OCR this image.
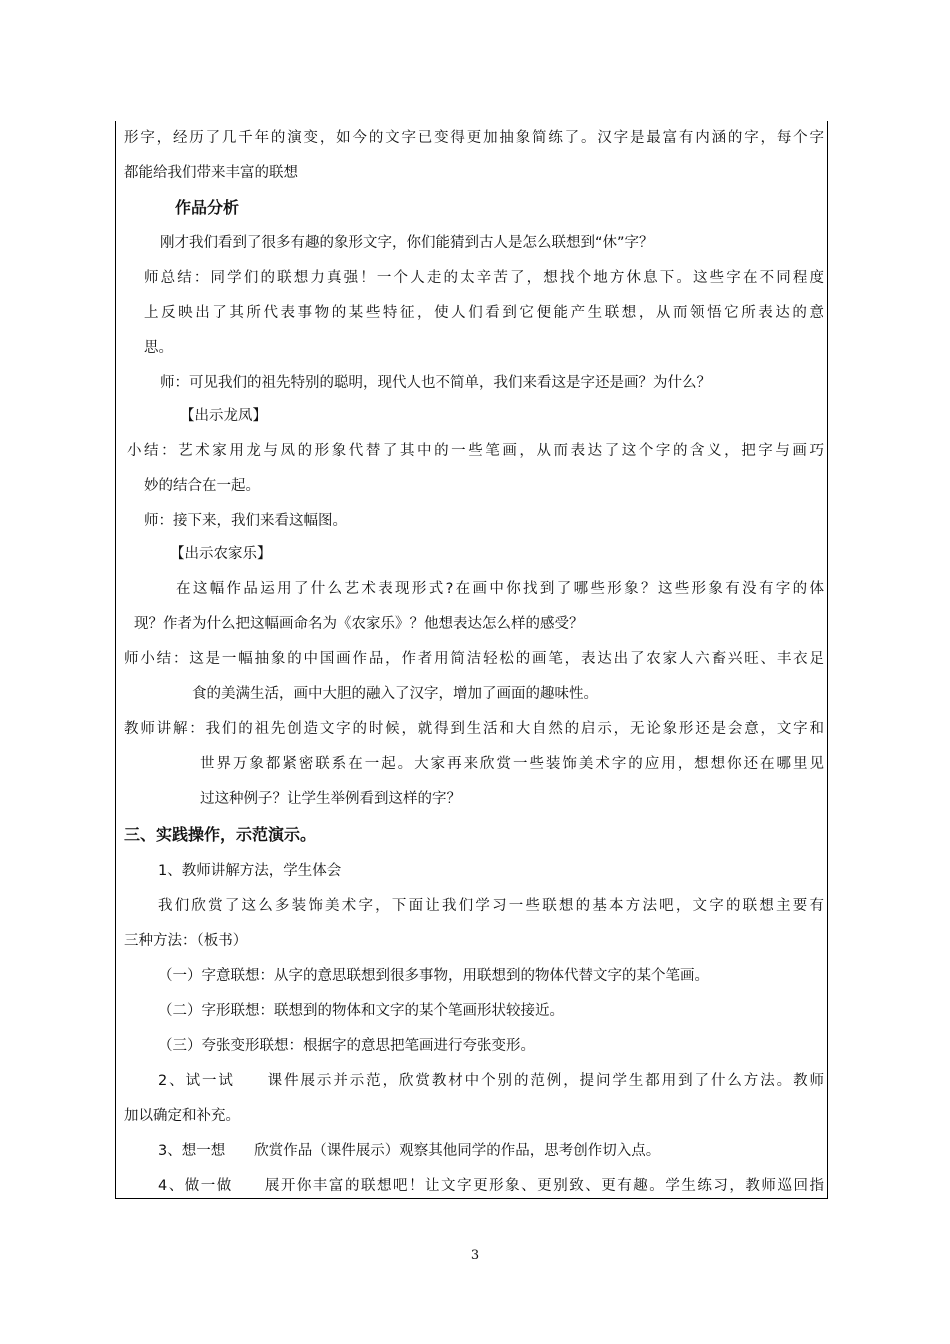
形字，经历了几千年的演变，如今的文字已变得更加抽象简练了。汉字是最富有内涵的字，每个字
都能给我们带来丰富的联想
作品分析
刚才我们看到了很多有趣的象形文字，你们能猜到古人是怎么联想到“休”字？
师总结：同学们的联想力真强！一个人走的太辛苦了，想找个地方休息下。这些字在不同程度
上反映出了其所代表事物的某些特征，使人们看到它便能产生联想，从而领悟它所表达的意
思。
师：可见我们的祖先特别的聪明，现代人也不简单，我们来看这是字还是画？为什么？
【出示龙凤】
小结：艺术家用龙与凤的形象代替了其中的一些笔画，从而表达了这个字的含义，把字与画巧
妙的结合在一起。
师：接下来，我们来看这幅图。
【出示农家乐】
在这幅作品运用了什么艺术表现形式?在画中你找到了哪些形象？这些形象有没有字的体
现？作者为什么把这幅画命名为《农家乐》？他想表达怎么样的感受？
师小结：这是一幅抽象的中国画作品，作者用简洁轻松的画笔，表达出了农家人六畜兴旺、丰衣足
食的美满生活，画中大胆的融入了汉字，增加了画面的趣味性。
教师讲解：我们的祖先创造文字的时候，就得到生活和大自然的启示，无论象形还是会意，文字和
世界万象都紧密联系在一起。大家再来欣赏一些装饰美术字的应用，想想你还在哪里见
过这种例子？让学生举例看到这样的字？
三、实践操作，示范演示。
1、教师讲解方法，学生体会
我们欣赏了这么多装饰美术字，下面让我们学习一些联想的基本方法吧，文字的联想主要有
三种方法：（板书）
（一）字意联想：从字的意思联想到很多事物，用联想到的物体代替文字的某个笔画。
（二）字形联想：联想到的物体和文字的某个笔画形状较接近。
（三）夸张变形联想：根据字的意思把笔画进行夸张变形。
2、试一试　　课件展示并示范，欣赏教材中个别的范例，提问学生都用到了什么方法。教师
加以确定和补充。
3、想一想　　欣赏作品（课件展示）观察其他同学的作品，思考创作切入点。
4、做一做　　展开你丰富的联想吧！让文字更形象、更别致、更有趣。学生练习，教师巡回指
3
